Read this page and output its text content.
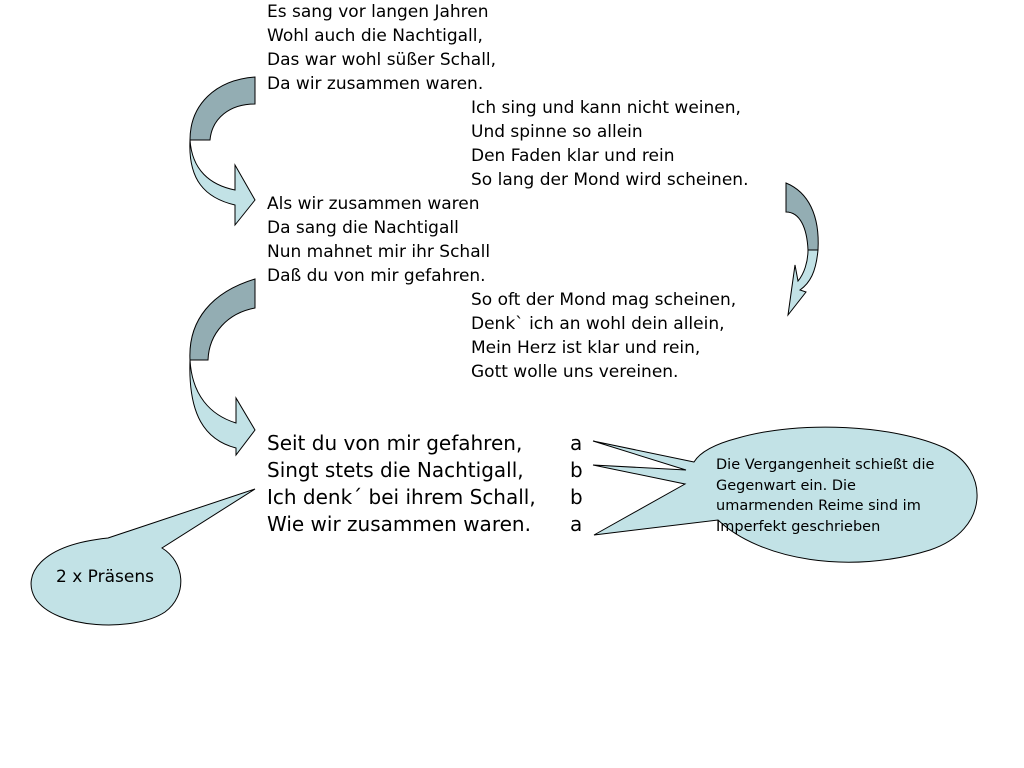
Es sang vor langen Jahren
Wohl auch die Nachtigall,
Das war wohl süßer Schall,
Da wir zusammen waren.
Ich sing und kann nicht weinen,
Und spinne so allein
Den Faden klar und rein
So lang der Mond wird scheinen.
Als wir zusammen waren
Da sang die Nachtigall
Nun mahnet mir ihr Schall
Daß du von mir gefahren.
So oft der Mond mag scheinen,
Denk` ich an wohl dein allein,
Mein Herz ist klar und rein,
Gott wolle uns vereinen.
Seit du von mir gefahren,
Singt stets die Nachtigall,
Ich denk´ bei ihrem Schall,
Wie wir zusammen waren.
a
b
b
a
Die Vergangenheit schießt die Gegenwart ein. Die umarmenden Reime sind im Imperfekt geschrieben
2 x Präsens
